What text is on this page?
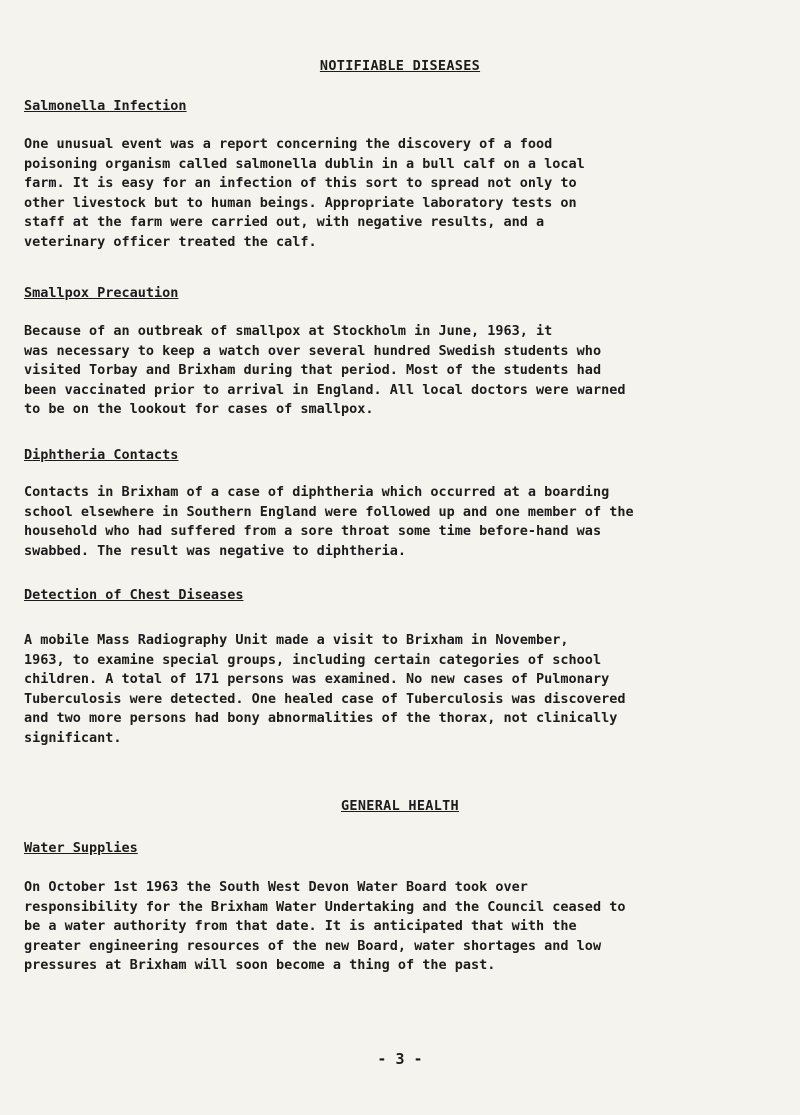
NOTIFIABLE DISEASES
Salmonella Infection
One unusual event was a report concerning the discovery of a food
poisoning organism called salmonella dublin in a bull calf on a local
farm. It is easy for an infection of this sort to spread not only to
other livestock but to human beings. Appropriate laboratory tests on
staff at the farm were carried out, with negative results, and a
veterinary officer treated the calf.
Smallpox Precaution
Because of an outbreak of smallpox at Stockholm in June, 1963, it
was necessary to keep a watch over several hundred Swedish students who
visited Torbay and Brixham during that period. Most of the students had
been vaccinated prior to arrival in England. All local doctors were warned
to be on the lookout for cases of smallpox.
Diphtheria Contacts
Contacts in Brixham of a case of diphtheria which occurred at a boarding
school elsewhere in Southern England were followed up and one member of the
household who had suffered from a sore throat some time before-hand was
swabbed. The result was negative to diphtheria.
Detection of Chest Diseases
A mobile Mass Radiography Unit made a visit to Brixham in November,
1963, to examine special groups, including certain categories of school
children. A total of 171 persons was examined. No new cases of Pulmonary
Tuberculosis were detected. One healed case of Tuberculosis was discovered
and two more persons had bony abnormalities of the thorax, not clinically
significant.
GENERAL HEALTH
Water Supplies
On October 1st 1963 the South West Devon Water Board took over
responsibility for the Brixham Water Undertaking and the Council ceased to
be a water authority from that date. It is anticipated that with the
greater engineering resources of the new Board, water shortages and low
pressures at Brixham will soon become a thing of the past.
- 3 -
